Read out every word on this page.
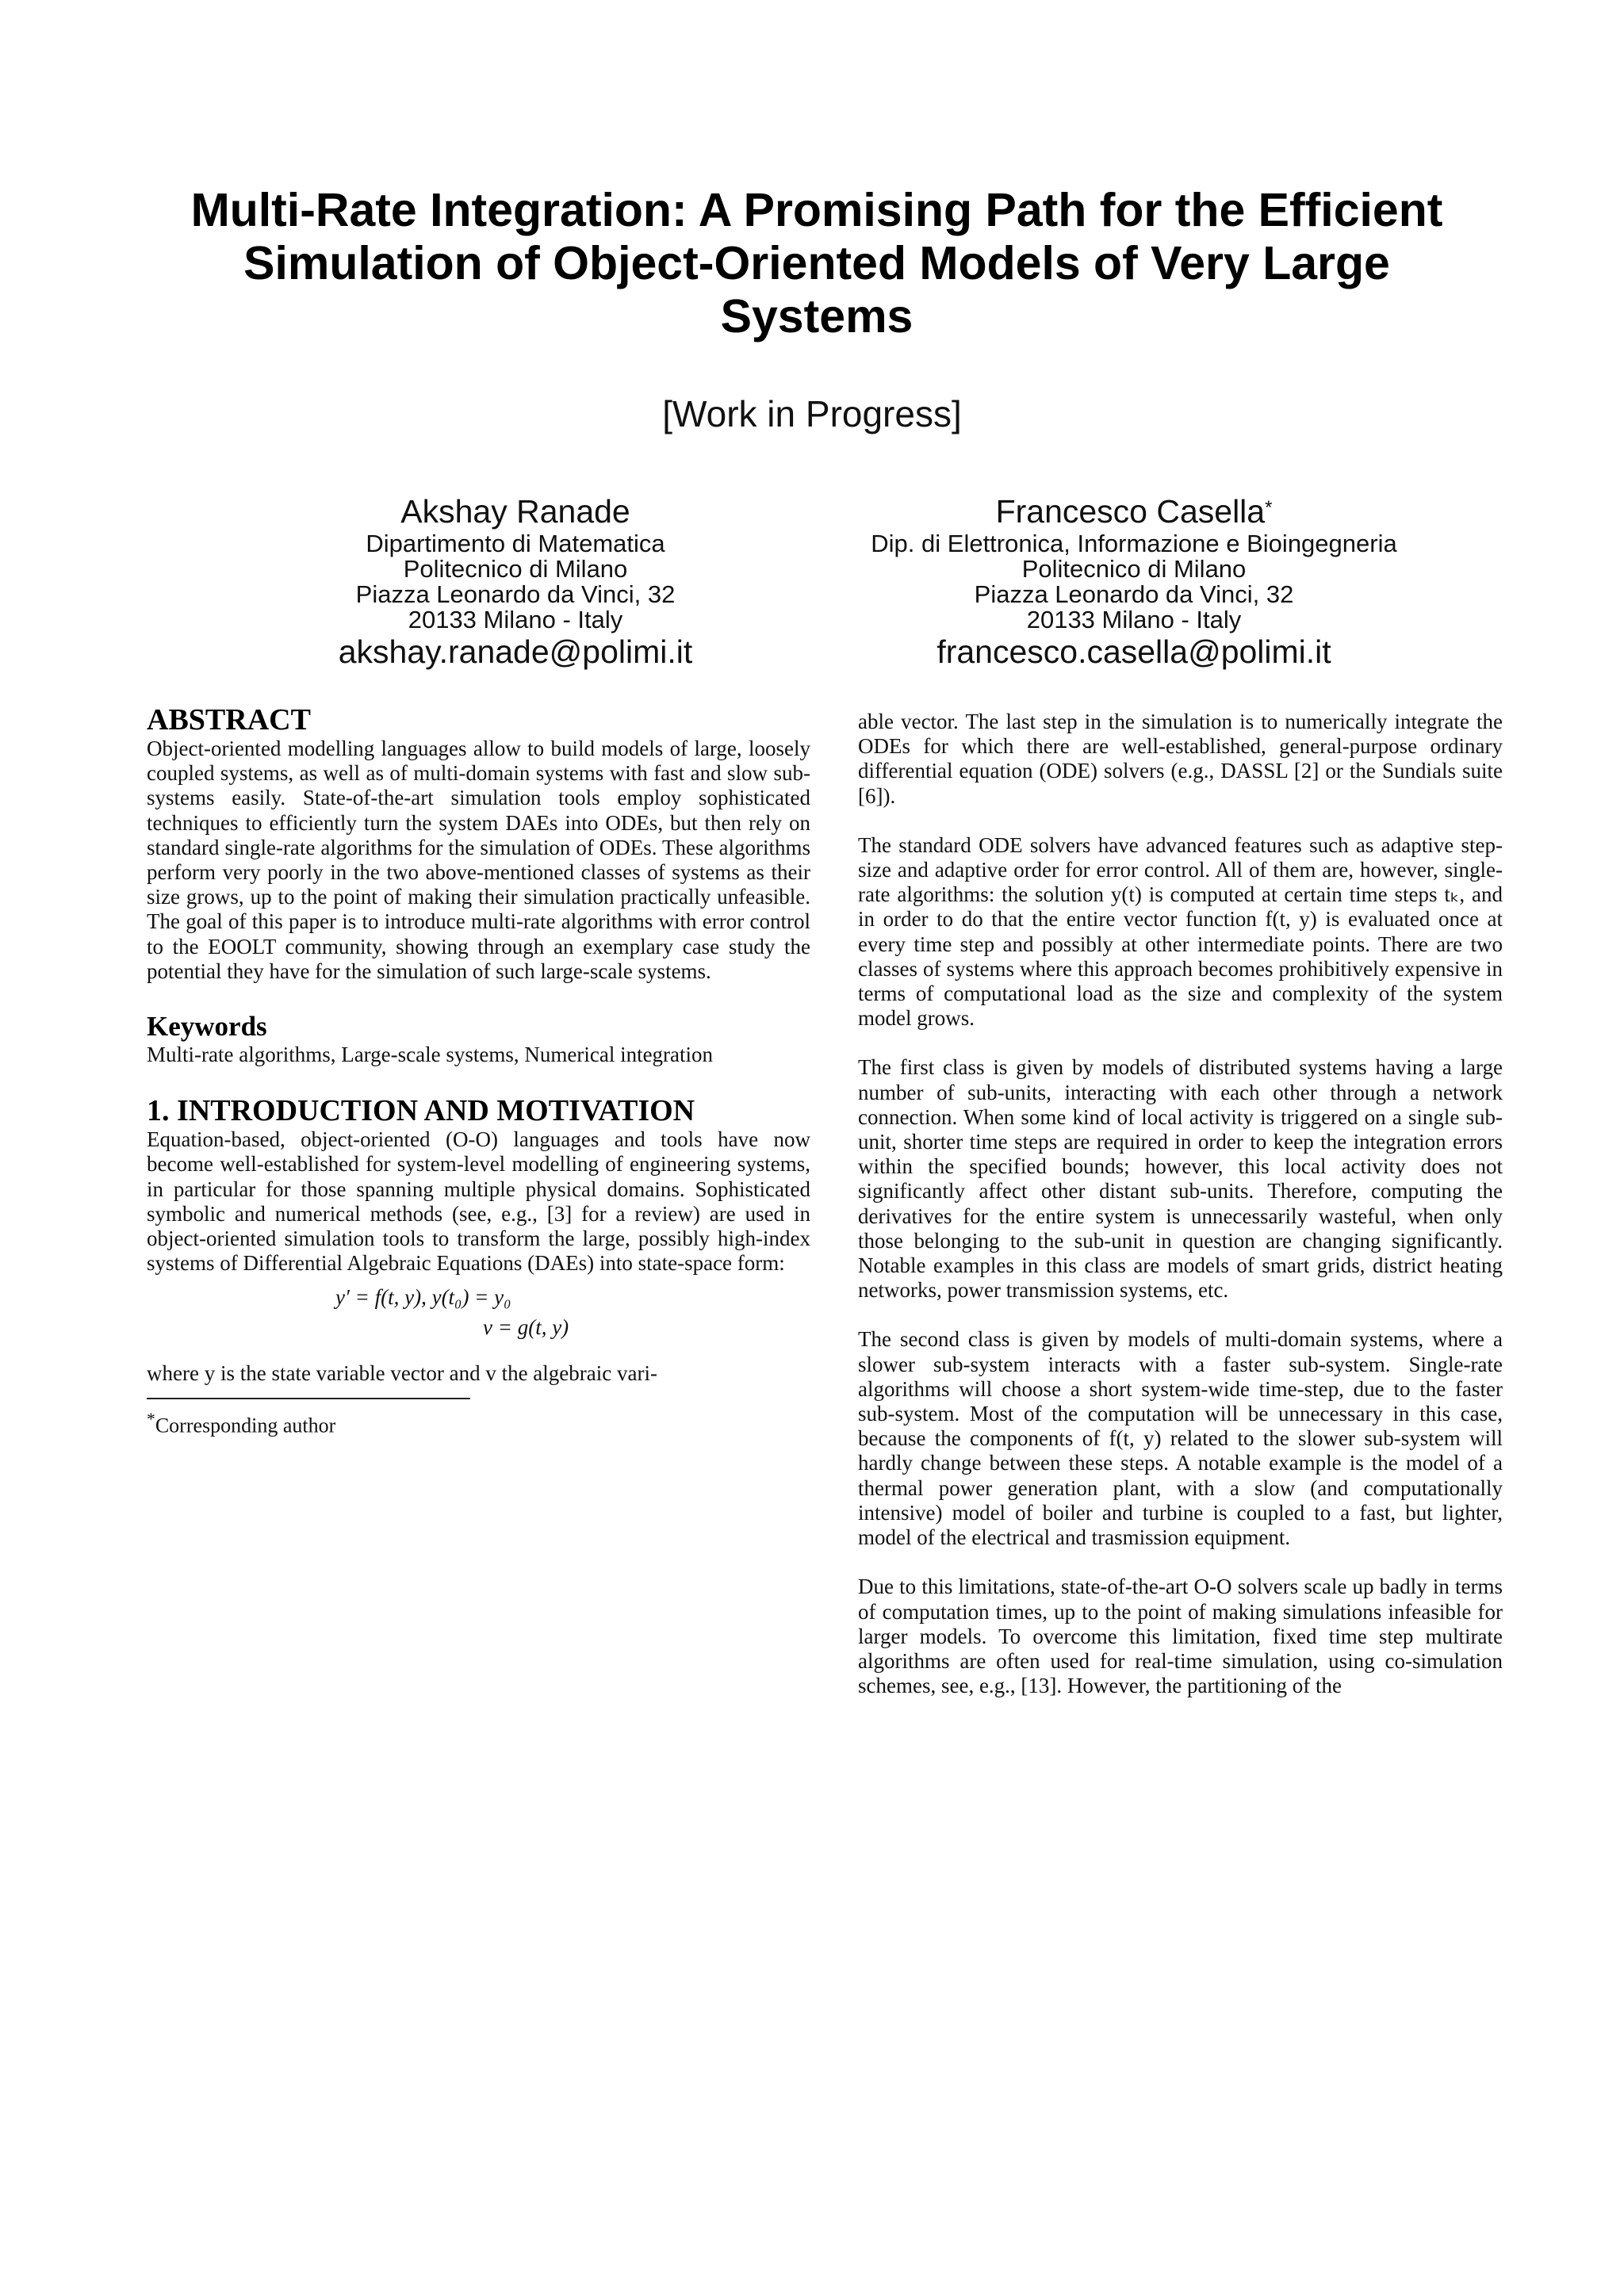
Multi-Rate Integration: A Promising Path for the Efficient
Simulation of Object-Oriented Models of Very Large
Systems
[Work in Progress]
Akshay Ranade
Dipartimento di Matematica
Politecnico di Milano
Piazza Leonardo da Vinci, 32
20133 Milano - Italy
akshay.ranade@polimi.it
Francesco Casella*
Dip. di Elettronica, Informazione e Bioingegneria
Politecnico di Milano
Piazza Leonardo da Vinci, 32
20133 Milano - Italy
francesco.casella@polimi.it
ABSTRACT

Object-oriented modelling languages allow to build models of large, loosely coupled systems, as well as of multi-domain systems with fast and slow sub-systems easily. State-of-the-art simulation tools employ sophisticated techniques to efficiently turn the system DAEs into ODEs, but then rely on standard single-rate algorithms for the simulation of ODEs. These algorithms perform very poorly in the two above-mentioned classes of systems as their size grows, up to the point of making their simulation practically unfeasible. The goal of this paper is to introduce multi-rate algorithms with error control to the EOOLT community, showing through an exemplary case study the potential they have for the simulation of such large-scale systems.

Keywords

Multi-rate algorithms, Large-scale systems, Numerical integration

1. INTRODUCTION AND MOTIVATION

Equation-based, object-oriented (O-O) languages and tools have now become well-established for system-level modelling of engineering systems, in particular for those spanning multiple physical domains. Sophisticated symbolic and numerical methods (see, e.g., [3] for a review) are used in object-oriented simulation tools to transform the large, possibly high-index systems of Differential Algebraic Equations (DAEs) into state-space form:

y′ = f(t, y), y(t₀) = y₀
v = g(t, y)

where y is the state variable vector and v the algebraic vari-

*Corresponding author

able vector. The last step in the simulation is to numerically integrate the ODEs for which there are well-established, general-purpose ordinary differential equation (ODE) solvers (e.g., DASSL [2] or the Sundials suite [6]).

The standard ODE solvers have advanced features such as adaptive step-size and adaptive order for error control. All of them are, however, single-rate algorithms: the solution y(t) is computed at certain time steps tₖ, and in order to do that the entire vector function f(t, y) is evaluated once at every time step and possibly at other intermediate points. There are two classes of systems where this approach becomes prohibitively expensive in terms of computational load as the size and complexity of the system model grows.

The first class is given by models of distributed systems having a large number of sub-units, interacting with each other through a network connection. When some kind of local activity is triggered on a single sub-unit, shorter time steps are required in order to keep the integration errors within the specified bounds; however, this local activity does not significantly affect other distant sub-units. Therefore, computing the derivatives for the entire system is unnecessarily wasteful, when only those belonging to the sub-unit in question are changing significantly. Notable examples in this class are models of smart grids, district heating networks, power transmission systems, etc.

The second class is given by models of multi-domain systems, where a slower sub-system interacts with a faster sub-system. Single-rate algorithms will choose a short system-wide time-step, due to the faster sub-system. Most of the computation will be unnecessary in this case, because the components of f(t, y) related to the slower sub-system will hardly change between these steps. A notable example is the model of a thermal power generation plant, with a slow (and computationally intensive) model of boiler and turbine is coupled to a fast, but lighter, model of the electrical and trasmission equipment.

Due to this limitations, state-of-the-art O-O solvers scale up badly in terms of computation times, up to the point of making simulations infeasible for larger models. To overcome this limitation, fixed time step multirate algorithms are often used for real-time simulation, using co-simulation schemes, see, e.g., [13]. However, the partitioning of the
